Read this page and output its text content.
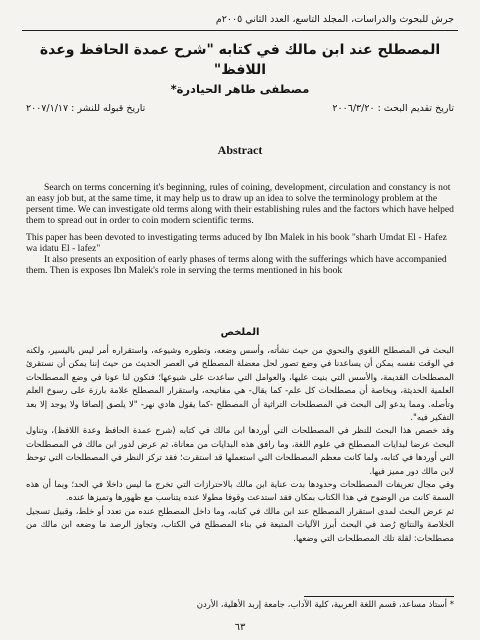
جرش للبحوث والدراسات، المجلد التاسع، العدد الثاني ٢٠٠٥م
المصطلح عند ابن مالك في كتابه "شرح عمدة الحافظ وعدة اللافظ"
مصطفى طاهر الحيادرة*
تاريخ تقديم البحث : ٢٠٠٦/٣/٢٠
تاريخ قبوله للنشر : ٢٠٠٧/١/١٧
Abstract

Search on terms concerning it's beginning, rules of coining, development, circulation and constancy is not an easy job but, at the same time, it may help us to draw up an idea to solve the terminology problem at the persent time. We can investigate old terms along with their establishing rules and the factors which have helped them to spread out in order to coin modern scientific terms.

This paper has been devoted to investigating terms aduced by Ibn Malek in his book "sharh Umdat El - Hafez wa idatu El - lafez"

It also presents an exposition of early phases of terms along with the sufferings which have accompanied them. Then is exposes Ibn Malek's role in serving the terms mentioned in his book

الملخص

البحث في المصطلح اللغوي والنحوي من حيث نشأته، وأسس وضعه، وتطوره وشيوعه، واستقراره أمر ليس باليسير، ولكنه في الوقت نفسه يمكن أن يساعدنا في وضع تصور لحل معضلة المصطلح في العصر الحديث من حيث إننا يمكن أن نستقرئ المصطلحات القديمة، والأسس التي بنيت عليها، والعوامل التي ساعدت على شيوعها؛ فنكون لنا عونا في وضع المصطلحات العلمية الحديثة، وبخاصة أن مصطلحات كل علم- كما يقال- هي مفاتيحه، واستقرار المصطلح علامة بارزة على رسوخ العلم وتأصله. ومما يدعو إلى البحث في المصطلحات التراثية أن المصطلح -كما يقول هادي نهر- "لا يلصق إلصاقا ولا يوجد إلا بعد التفكير فيه".

وقد خصص هذا البحث للنظر في المصطلحات التي أوردها ابن مالك في كتابه (شرح عمدة الحافظ وعدة اللافظ)، وتناول البحث عرضا لبدايات المصطلح في علوم اللغة، وما رافق هذه البدايات من معاناة، ثم عرض لدور ابن مالك في المصطلحات التي أوردها في كتابه، ولما كانت معظم المصطلحات التي استعملها قد استقرت؛ فقد تركز النظر في المصطلحات التي توحظ لابن مالك دور مميز فيها.

وفي مجال تعريفات المصطلحات وحدودها بدت عناية ابن مالك بالاحترازات التي تخرج ما ليس داخلا في الحد؛ وبما أن هذه السمة كانت من الوضوح في هذا الكتاب بمكان فقد استدعت وقوفا مطولا عنده يتناسب مع ظهورها وتميزها عنده.

ثم عرض البحث لمدى استقرار المصطلح عند ابن مالك في كتابه، وما داخل المصطلح عنده من تعدد أو خلط، وقبيل تسجيل الخلاصة والنتائج رُصد في البحث أبرز الآليات المتبعة في بناء المصطلح في الكتاب، وتجاوز الرصد ما وضعه ابن مالك من مصطلحات: لقلة تلك المصطلحات التي وضعها.

* أستاذ مساعد، قسم اللغة العربية، كلية الآداب، جامعة إربد الأهلية، الأردن
٦٣
